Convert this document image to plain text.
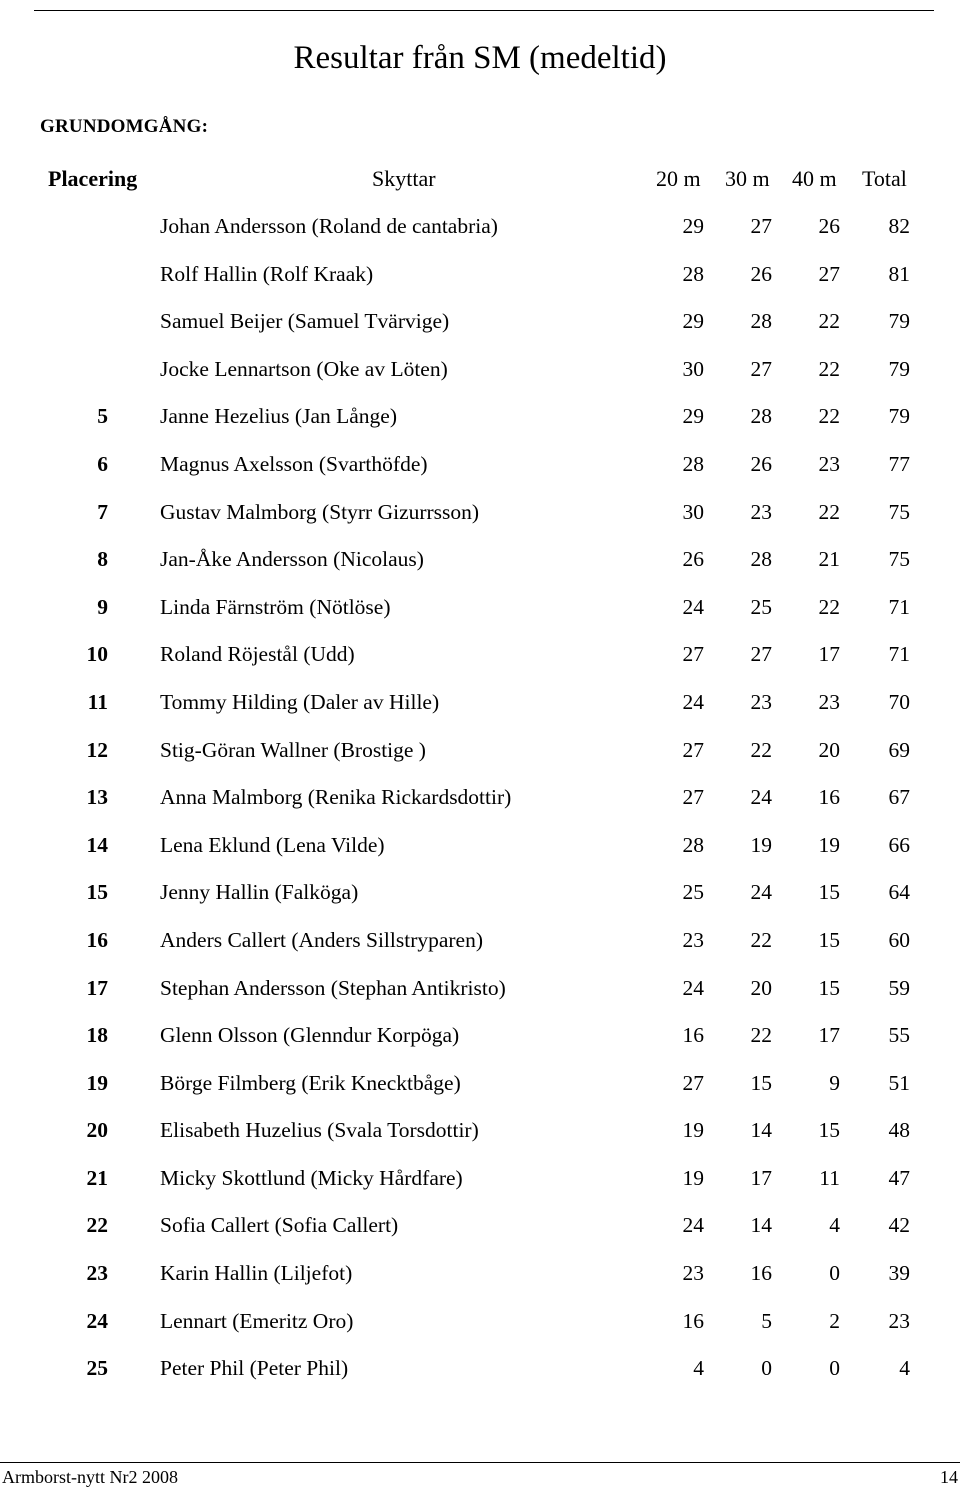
Resultar från SM (medeltid)
GRUNDOMGÅNG:
Placering	Skyttar	20 m 30 m 40 m Total
Johan Andersson (Roland de cantabria)	29	27	26	82
Rolf Hallin (Rolf Kraak)	28	26	27	81
Samuel Beijer (Samuel Tvärvige)	29	28	22	79
Jocke Lennartson (Oke av Löten)	30	27	22	79
5 Janne Hezelius (Jan Långe)	29	28	22	79
6 Magnus Axelsson (Svarthöfde)	28	26	23	77
7 Gustav Malmborg (Styrr Gizurrsson)	30	23	22	75
8 Jan-Åke Andersson (Nicolaus)	26	28	21	75
9 Linda Färnström (Nötlöse)	24	25	22	71
10 Roland Röjestål (Udd)	27	27	17	71
11 Tommy Hilding (Daler av Hille)	24	23	23	70
12 Stig-Göran Wallner (Brostige )	27	22	20	69
13 Anna Malmborg (Renika Rickardsdottir)	27	24	16	67
14 Lena Eklund (Lena Vilde)	28	19	19	66
15 Jenny Hallin (Falköga)	25	24	15	64
16 Anders Callert (Anders Sillstryparen)	23	22	15	60
17 Stephan Andersson (Stephan Antikristo)	24	20	15	59
18 Glenn Olsson (Glenndur Korpöga)	16	22	17	55
19 Börge Filmberg (Erik Knecktbåge)	27	15	9	51
20 Elisabeth Huzelius (Svala Torsdottir)	19	14	15	48
21 Micky Skottlund (Micky Hårdfare)	19	17	11	47
22 Sofia Callert (Sofia Callert)	24	14	4	42
23 Karin Hallin (Liljefot)	23	16	0	39
24 Lennart (Emeritz Oro)	16	5	2	23
25 Peter Phil (Peter Phil)	4	0	0	4
Armborst-nytt Nr2 2008	14
